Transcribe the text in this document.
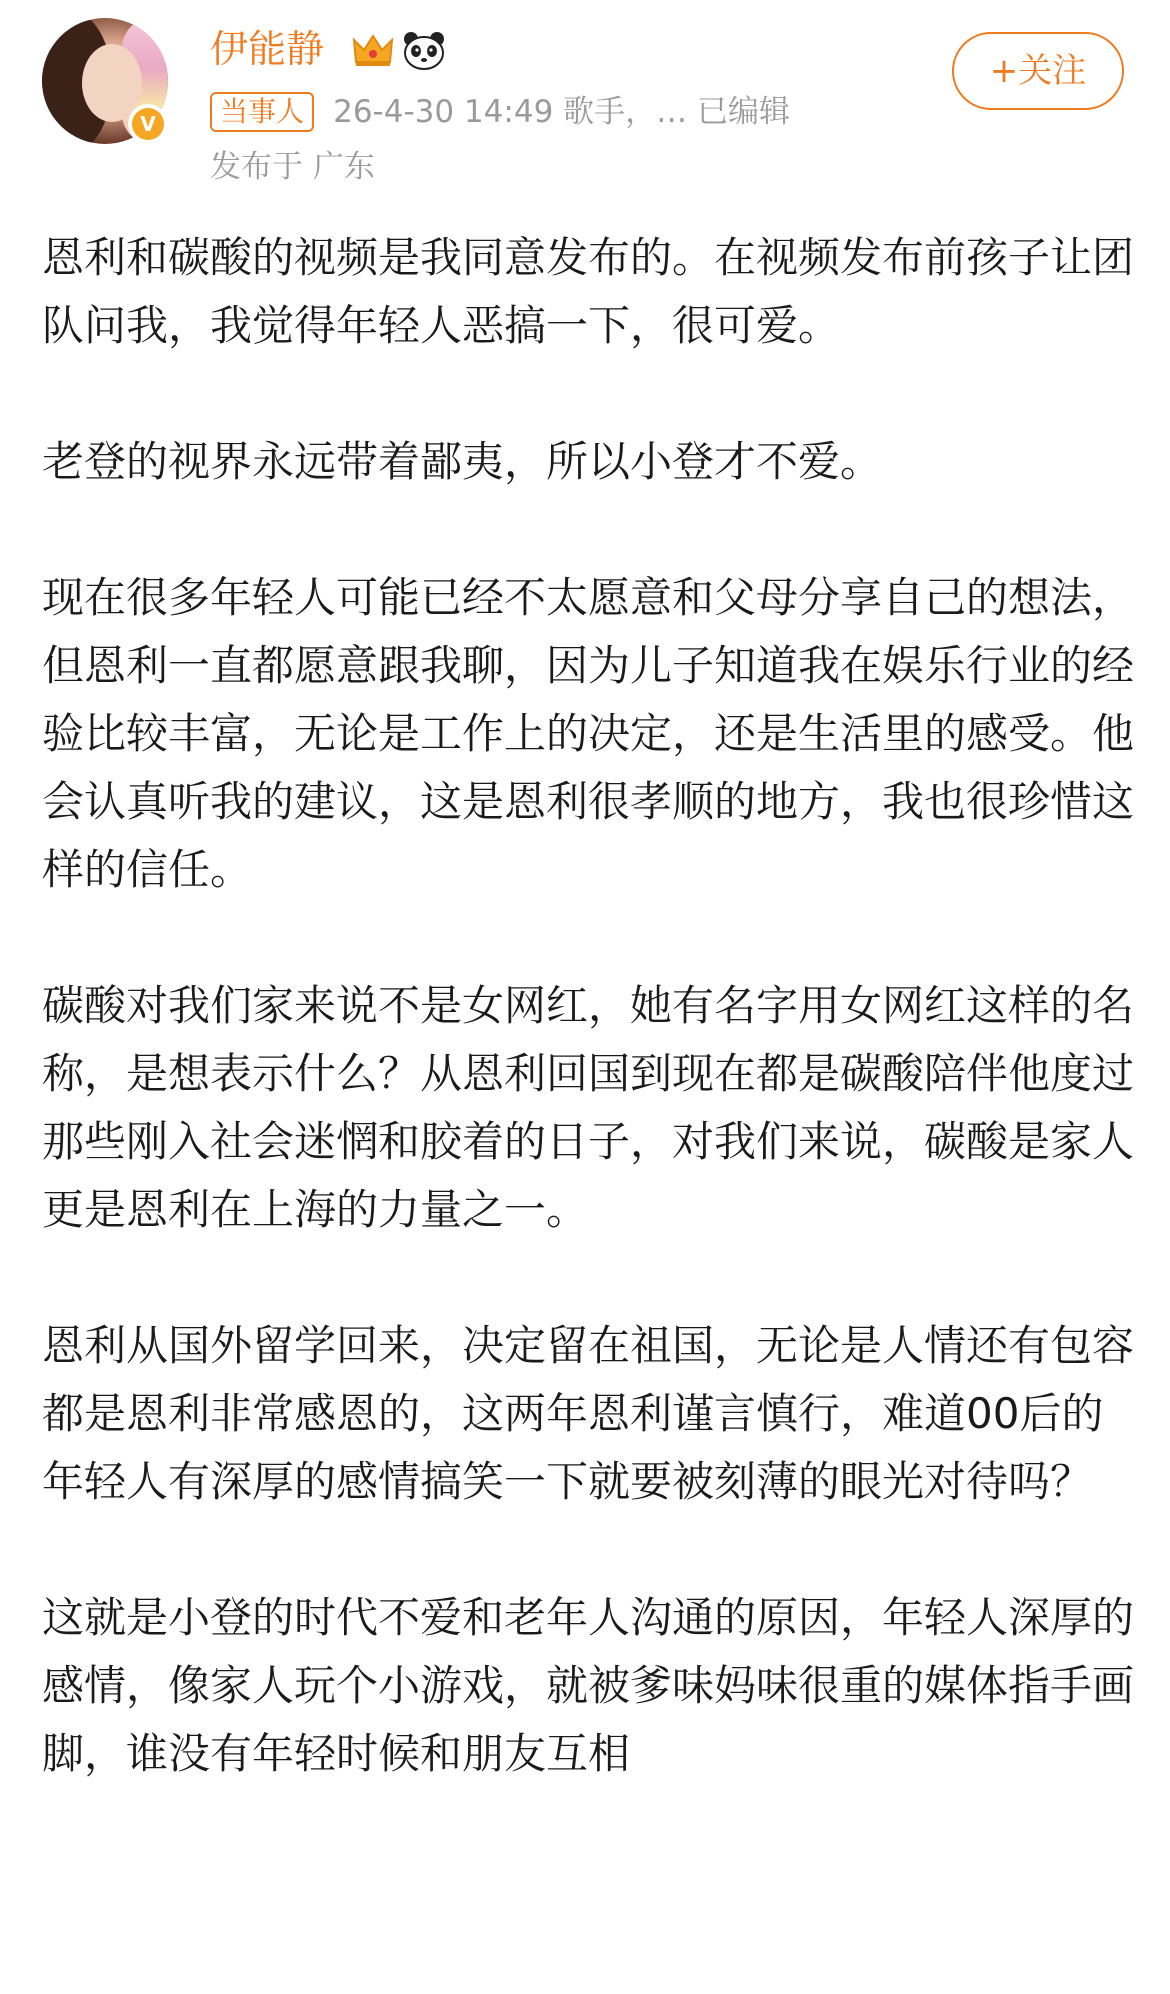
V
伊能静	+关注
当事人 26-4-30 14:49 歌手，… 已编辑
发布于 广东

恩利和碳酸的视频是我同意发布的。在视频发布前孩子让团队问我，我觉得年轻人恶搞一下，很可爱。

老登的视界永远带着鄙夷，所以小登才不爱。

现在很多年轻人可能已经不太愿意和父母分享自己的想法，但恩利一直都愿意跟我聊，因为儿子知道我在娱乐行业的经验比较丰富，无论是工作上的决定，还是生活里的感受。他会认真听我的建议，这是恩利很孝顺的地方，我也很珍惜这样的信任。

碳酸对我们家来说不是女网红，她有名字用女网红这样的名称，是想表示什么？从恩利回国到现在都是碳酸陪伴他度过那些刚入社会迷惘和胶着的日子，对我们来说，碳酸是家人更是恩利在上海的力量之一。

恩利从国外留学回来，决定留在祖国，无论是人情还有包容都是恩利非常感恩的，这两年恩利谨言慎行，难道00后的年轻人有深厚的感情搞笑一下就要被刻薄的眼光对待吗？

这就是小登的时代不爱和老年人沟通的原因，年轻人深厚的感情，像家人玩个小游戏，就被爹味妈味很重的媒体指手画脚，谁没有年轻时候和朋友互相
